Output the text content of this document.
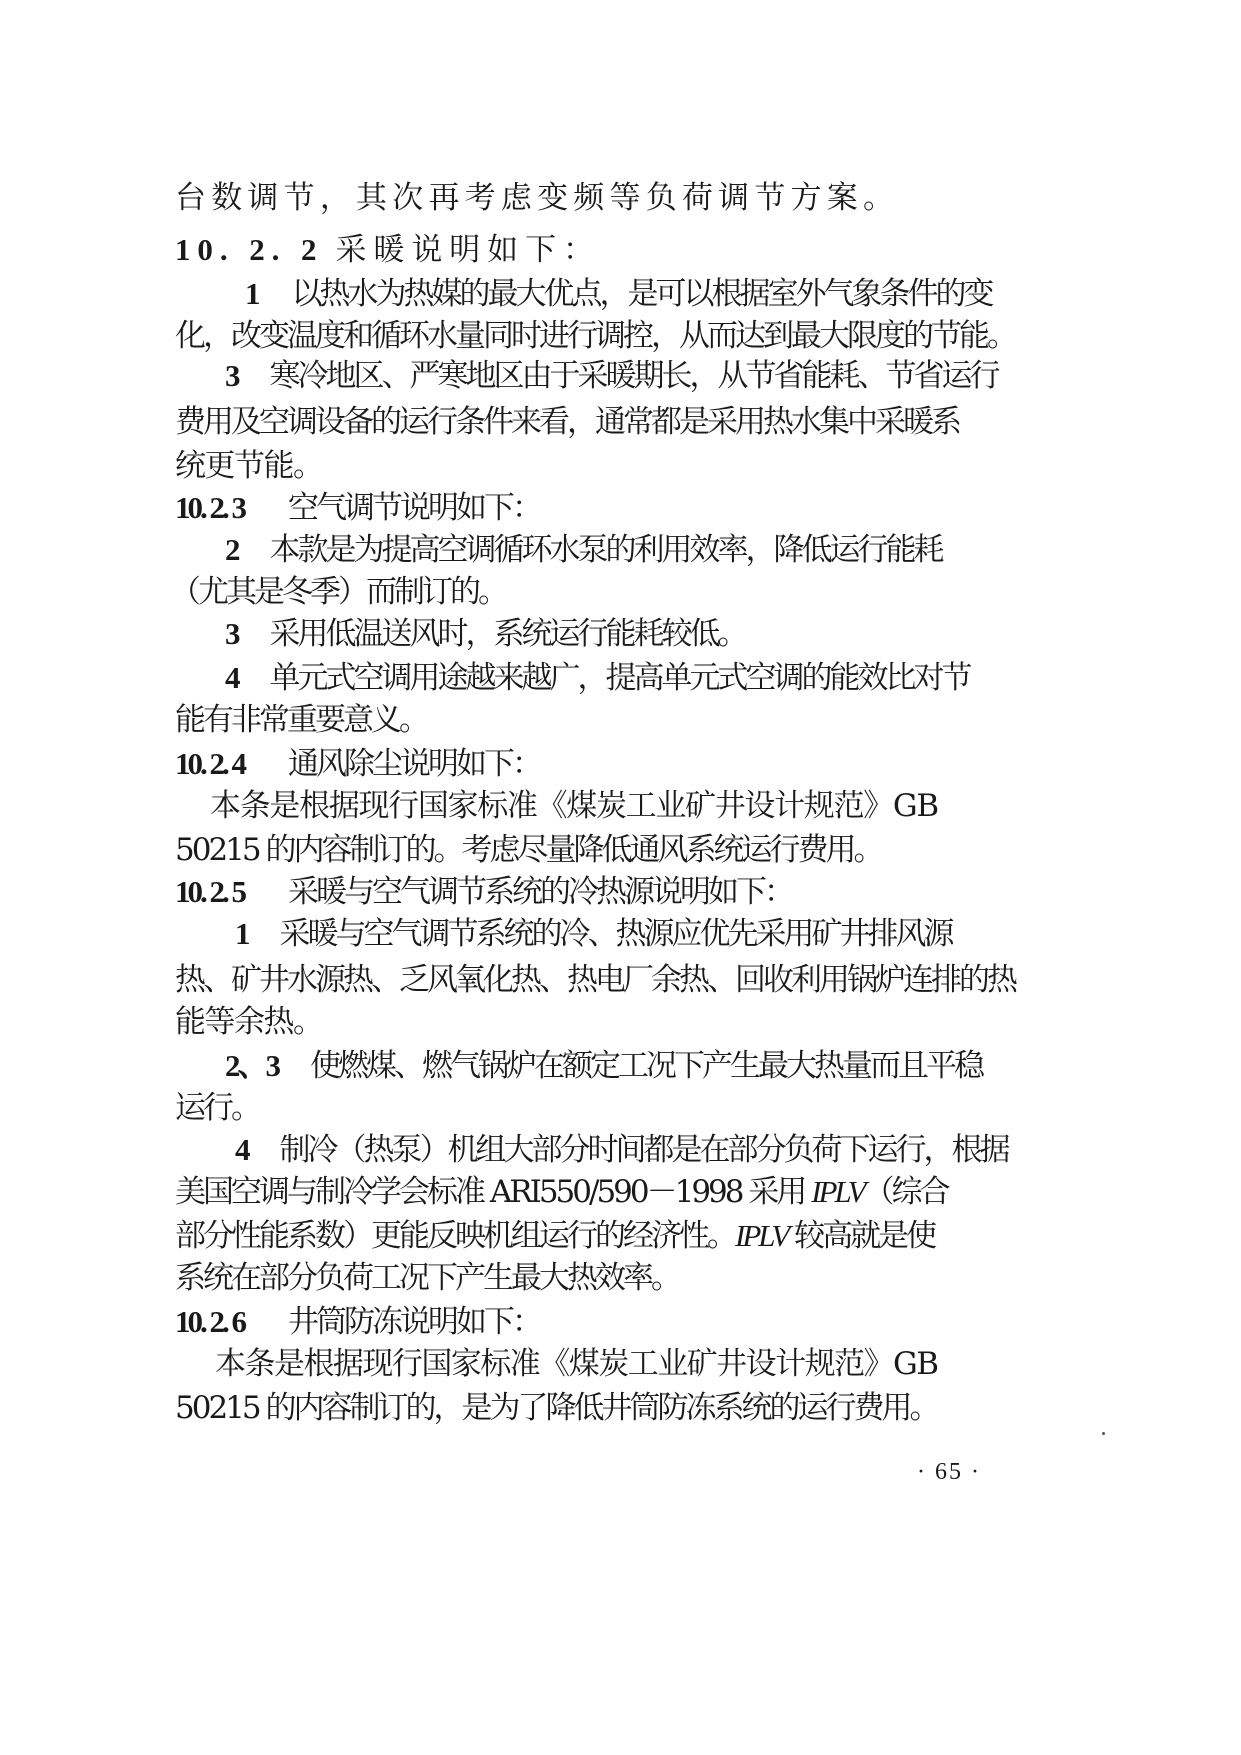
台数调节，其次再考虑变频等负荷调节方案。
10. 2. 2 采暖说明如下：
1 以热水为热媒的最大优点，是可以根据室外气象条件的变
化，改变温度和循环水量同时进行调控，从而达到最大限度的节能。
3 寒冷地区、严寒地区由于采暖期长，从节省能耗、节省运行
费用及空调设备的运行条件来看，通常都是采用热水集中采暖系
统更节能。
10. 2. 3 空气调节说明如下：
2 本款是为提高空调循环水泵的利用效率，降低运行能耗
（尤其是冬季）而制订的。
3 采用低温送风时，系统运行能耗较低。
4 单元式空调用途越来越广，提高单元式空调的能效比对节
能有非常重要意义。
10. 2. 4 通风除尘说明如下：
本条是根据现行国家标准《煤炭工业矿井设计规范》GB
50215 的内容制订的。考虑尽量降低通风系统运行费用。
10. 2. 5 采暖与空气调节系统的冷热源说明如下：
1 采暖与空气调节系统的冷、热源应优先采用矿井排风源
热、矿井水源热、乏风氧化热、热电厂余热、回收利用锅炉连排的热
能等余热。
2、3 使燃煤、燃气锅炉在额定工况下产生最大热量而且平稳
运行。
4 制冷（热泵）机组大部分时间都是在部分负荷下运行，根据
美国空调与制冷学会标准 ARI550/590－1998 采用 IPLV（综合
部分性能系数）更能反映机组运行的经济性。IPLV 较高就是使
系统在部分负荷工况下产生最大热效率。
10. 2. 6 井筒防冻说明如下：
本条是根据现行国家标准《煤炭工业矿井设计规范》GB
50215 的内容制订的，是为了降低井筒防冻系统的运行费用。
· 65 ·
